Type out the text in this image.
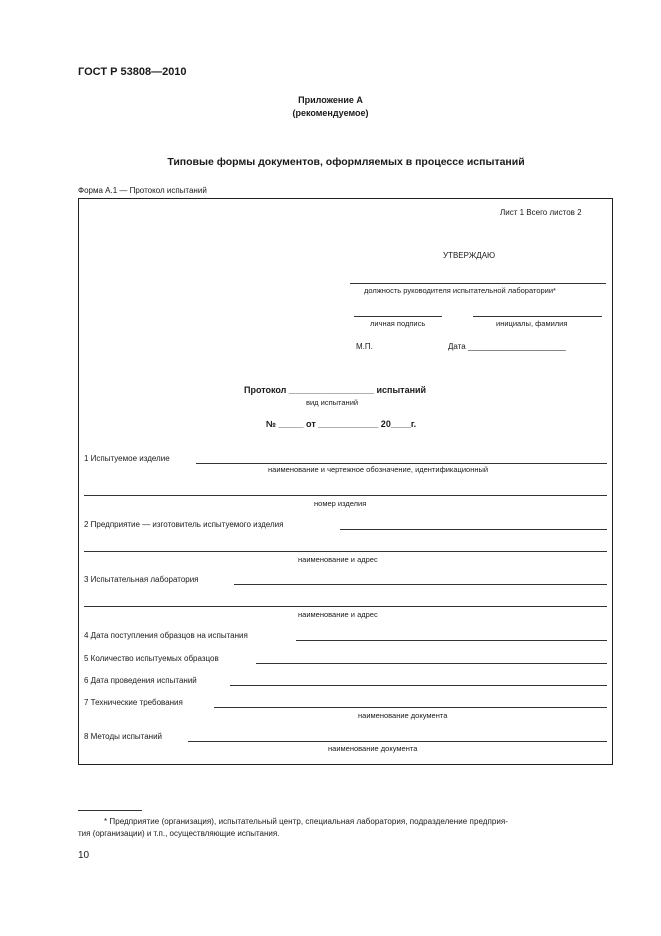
ГОСТ Р 53808—2010
Приложение А
(рекомендуемое)
Типовые формы документов, оформляемых в процессе испытаний
Форма А.1 — Протокол испытаний
Лист 1 Всего листов 2
УТВЕРЖДАЮ
должность руководителя испытательной лаборатории*
личная подпись	инициалы, фамилия
М.П.	Дата ______________________
Протокол _________________ испытаний
вид испытаний
№ _____ от ____________ 20____г.
1 Испытуемое изделие
наименование и чертежное обозначение, идентификационный
номер изделия
2 Предприятие — изготовитель испытуемого изделия
наименование и адрес
3 Испытательная лаборатория
наименование и адрес
4 Дата поступления образцов на испытания
5 Количество испытуемых образцов
6 Дата проведения испытаний
7 Технические требования
наименование документа
8 Методы испытаний
наименование документа
* Предприятие (организация), испытательный центр, специальная лаборатория, подразделение предприя-
тия (организации) и т.п., осуществляющие испытания.
10
